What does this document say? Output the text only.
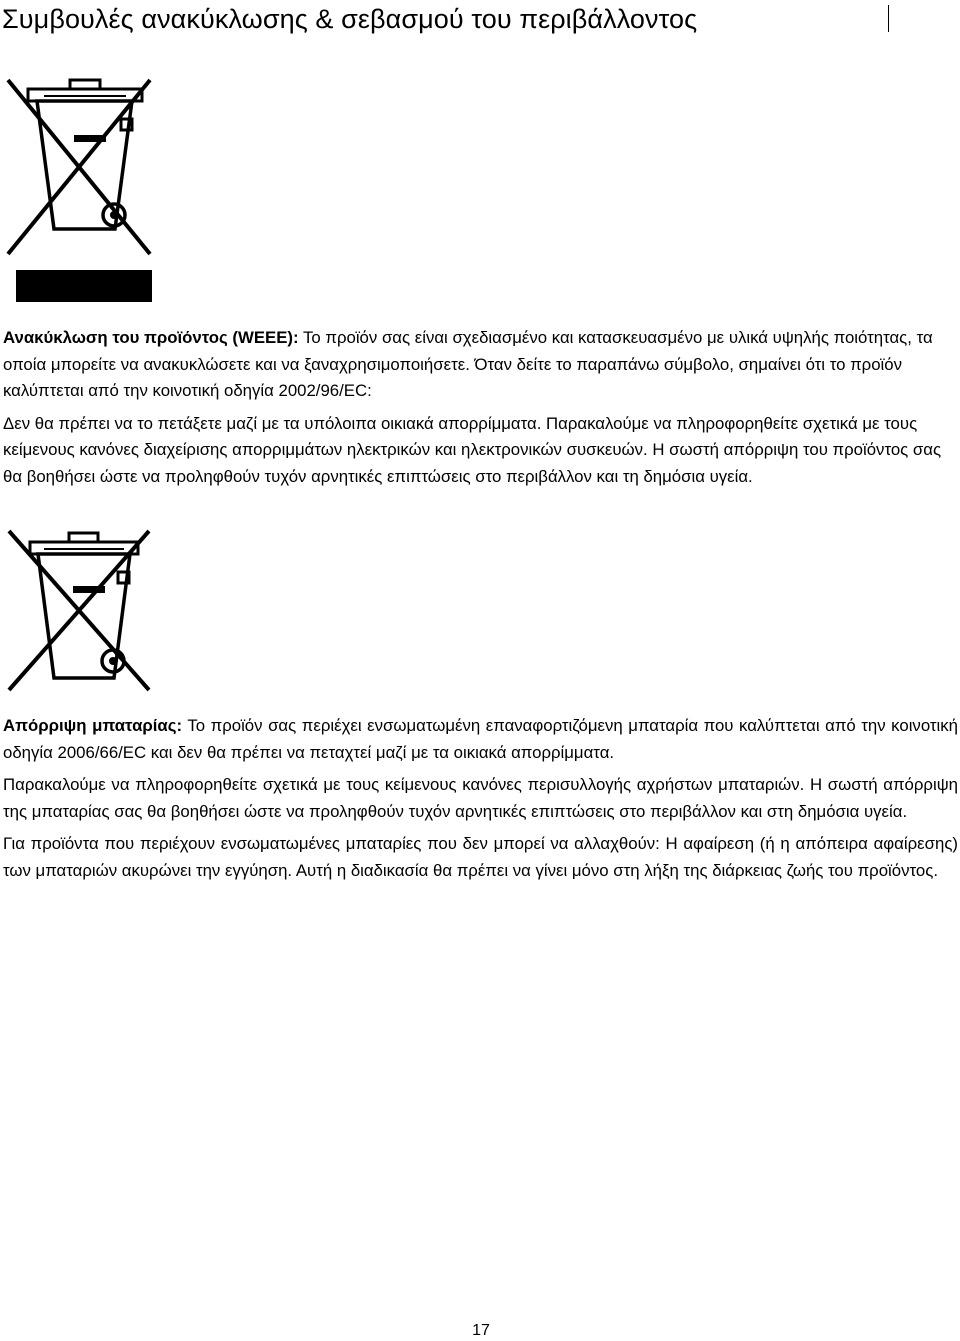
Συμβουλές ανακύκλωσης & σεβασμού του περιβάλλοντος

Ανακύκλωση του προϊόντος (WEEE): Το προϊόν σας είναι σχεδιασμένο και κατασκευασμένο με υλικά υψηλής ποιότητας, τα οποία μπορείτε να ανακυκλώσετε και να ξαναχρησιμοποιήσετε. Όταν δείτε το παραπάνω σύμβολο, σημαίνει ότι το προϊόν καλύπτεται από την κοινοτική οδηγία 2002/96/EC:

Δεν θα πρέπει να το πετάξετε μαζί με τα υπόλοιπα οικιακά απορρίμματα. Παρακαλούμε να πληροφορηθείτε σχετικά με τους κείμενους κανόνες διαχείρισης απορριμμάτων ηλεκτρικών και ηλεκτρονικών συσκευών. Η σωστή απόρριψη του προϊόντος σας θα βοηθήσει ώστε να προληφθούν τυχόν αρνητικές επιπτώσεις στο περιβάλλον και τη δημόσια υγεία.

Απόρριψη μπαταρίας: Το προϊόν σας περιέχει ενσωματωμένη επαναφορτιζόμενη μπαταρία που καλύπτεται από την κοινοτική οδηγία 2006/66/EC και δεν θα πρέπει να πεταχτεί μαζί με τα οικιακά απορρίμματα.

Παρακαλούμε να πληροφορηθείτε σχετικά με τους κείμενους κανόνες περισυλλογής αχρήστων μπαταριών. Η σωστή απόρριψη της μπαταρίας σας θα βοηθήσει ώστε να προληφθούν τυχόν αρνητικές επιπτώσεις στο περιβάλλον και στη δημόσια υγεία.

Για προϊόντα που περιέχουν ενσωματωμένες μπαταρίες που δεν μπορεί να αλλαχθούν: Η αφαίρεση (ή η απόπειρα αφαίρεσης) των μπαταριών ακυρώνει την εγγύηση. Αυτή η διαδικασία θα πρέπει να γίνει μόνο στη λήξη της διάρκειας ζωής του προϊόντος.

17
